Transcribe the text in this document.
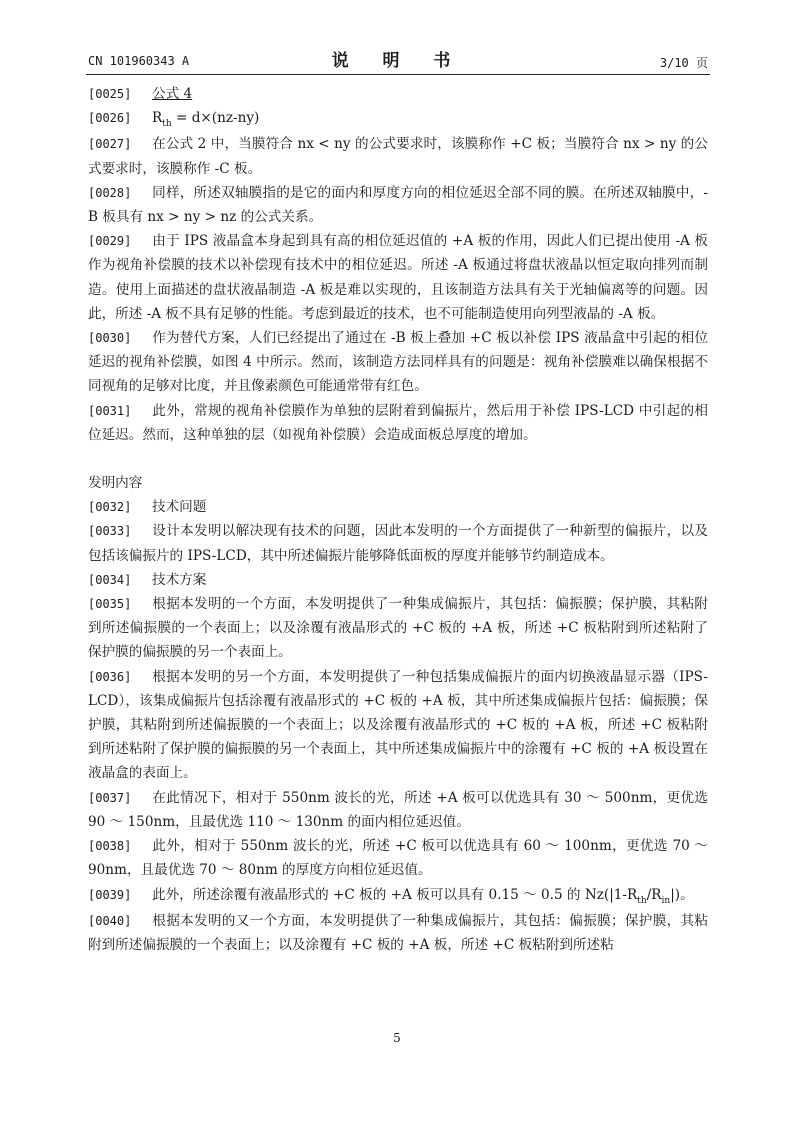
CN 101960343 A	说 明 书	3/10 页

[0025] 公式 4

[0026] $R_{th} = d\times(nz-ny)$

[0027] 在公式 2 中，当膜符合 nx < ny 的公式要求时，该膜称作 +C 板；当膜符合 nx > ny 的公式要求时，该膜称作 -C 板。

[0028] 同样，所述双轴膜指的是它的面内和厚度方向的相位延迟全部不同的膜。在所述双轴膜中，-B 板具有 nx > ny > nz 的公式关系。

[0029] 由于 IPS 液晶盒本身起到具有高的相位延迟值的 +A 板的作用，因此人们已提出使用 -A 板作为视角补偿膜的技术以补偿现有技术中的相位延迟。所述 -A 板通过将盘状液晶以恒定取向排列而制造。使用上面描述的盘状液晶制造 -A 板是难以实现的，且该制造方法具有关于光轴偏离等的问题。因此，所述 -A 板不具有足够的性能。考虑到最近的技术，也不可能制造使用向列型液晶的 -A 板。

[0030] 作为替代方案，人们已经提出了通过在 -B 板上叠加 +C 板以补偿 IPS 液晶盒中引起的相位延迟的视角补偿膜，如图 4 中所示。然而，该制造方法同样具有的问题是：视角补偿膜难以确保根据不同视角的足够对比度，并且像素颜色可能通常带有红色。

[0031] 此外，常规的视角补偿膜作为单独的层附着到偏振片，然后用于补偿 IPS-LCD 中引起的相位延迟。然而，这种单独的层（如视角补偿膜）会造成面板总厚度的增加。

发明内容

[0032] 技术问题

[0033] 设计本发明以解决现有技术的问题，因此本发明的一个方面提供了一种新型的偏振片，以及包括该偏振片的 IPS-LCD，其中所述偏振片能够降低面板的厚度并能够节约制造成本。

[0034] 技术方案

[0035] 根据本发明的一个方面，本发明提供了一种集成偏振片，其包括：偏振膜；保护膜，其粘附到所述偏振膜的一个表面上；以及涂覆有液晶形式的 +C 板的 +A 板，所述 +C 板粘附到所述粘附了保护膜的偏振膜的另一个表面上。

[0036] 根据本发明的另一个方面，本发明提供了一种包括集成偏振片的面内切换液晶显示器（IPS-LCD），该集成偏振片包括涂覆有液晶形式的 +C 板的 +A 板，其中所述集成偏振片包括：偏振膜；保护膜，其粘附到所述偏振膜的一个表面上；以及涂覆有液晶形式的 +C 板的 +A 板，所述 +C 板粘附到所述粘附了保护膜的偏振膜的另一个表面上，其中所述集成偏振片中的涂覆有 +C 板的 +A 板设置在液晶盒的表面上。

[0037] 在此情况下，相对于 550nm 波长的光，所述 +A 板可以优选具有 30 ～ 500nm，更优选 90 ～ 150nm，且最优选 110 ～ 130nm 的面内相位延迟值。

[0038] 此外，相对于 550nm 波长的光，所述 +C 板可以优选具有 60 ～ 100nm，更优选 70 ～ 90nm，且最优选 70 ～ 80nm 的厚度方向相位延迟值。

[0039] 此外，所述涂覆有液晶形式的 +C 板的 +A 板可以具有 0.15 ～ 0.5 的 $Nz(|1-R_{th}/R_{in}|)$。

[0040] 根据本发明的又一个方面，本发明提供了一种集成偏振片，其包括：偏振膜；保护膜，其粘附到所述偏振膜的一个表面上；以及涂覆有 +C 板的 +A 板，所述 +C 板粘附到所述粘

5
